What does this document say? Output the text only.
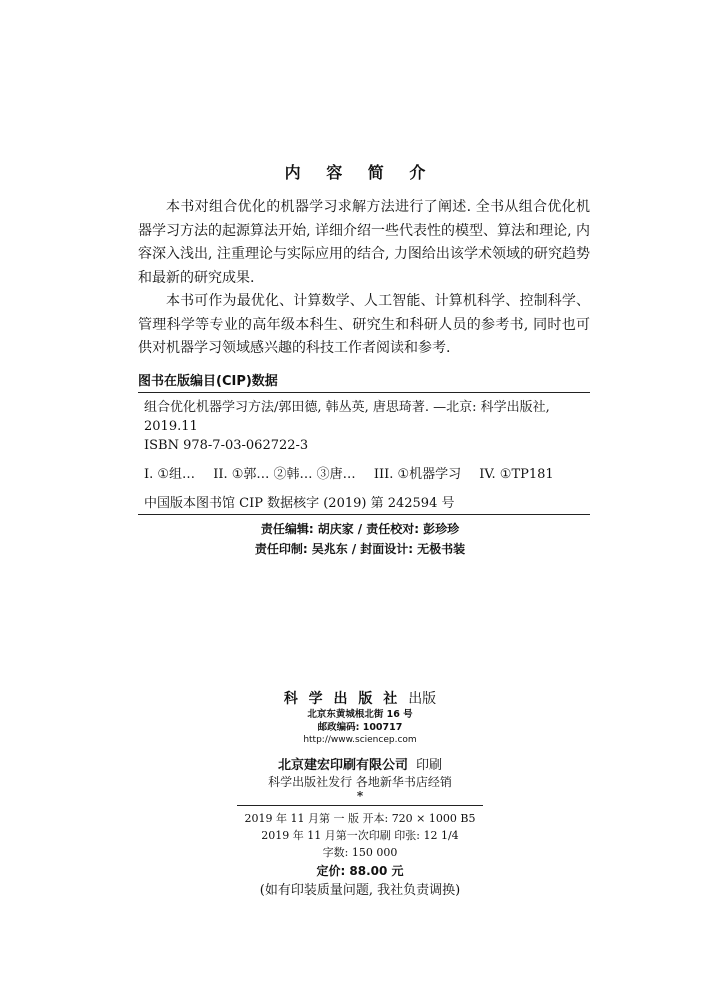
内 容 简 介

本书对组合优化的机器学习求解方法进行了阐述. 全书从组合优化机器学习方法的起源算法开始, 详细介绍一些代表性的模型、算法和理论, 内容深入浅出, 注重理论与实际应用的结合, 力图给出该学术领域的研究趋势和最新的研究成果.

本书可作为最优化、计算数学、人工智能、计算机科学、控制科学、管理科学等专业的高年级本科生、研究生和科研人员的参考书, 同时也可供对机器学习领域感兴趣的科技工作者阅读和参考.

图书在版编目(CIP)数据
组合优化机器学习方法/郭田德, 韩丛英, 唐思琦著. —北京: 科学出版社,
2019.11
ISBN 978-7-03-062722-3
I. ①组… II. ①郭… ②韩… ③唐… III. ①机器学习 IV. ①TP181
中国版本图书馆 CIP 数据核字 (2019) 第 242594 号
责任编辑: 胡庆家 / 责任校对: 彭珍珍
责任印制: 吴兆东 / 封面设计: 无极书装
科 学 出 版 社 出版
北京东黄城根北街 16 号
邮政编码: 100717
http://www.sciencep.com
北京建宏印刷有限公司 印刷
科学出版社发行 各地新华书店经销
*
2019 年 11 月第 一 版 开本: 720 × 1000 B5
2019 年 11 月第一次印刷 印张: 12 1/4
字数: 150 000
定价: 88.00 元
(如有印装质量问题, 我社负责调换)
